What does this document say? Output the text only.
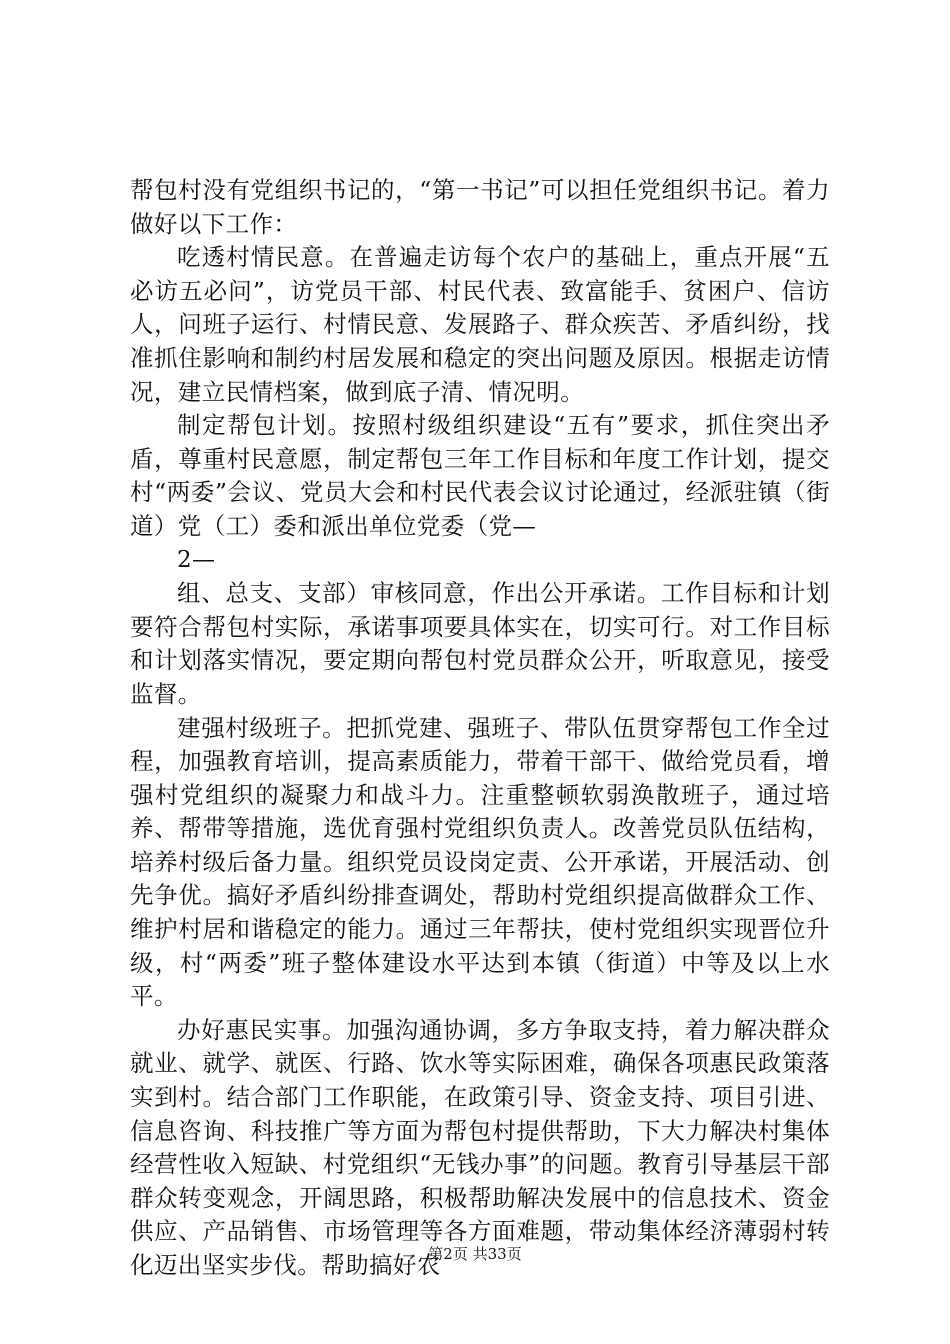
帮包村没有党组织书记的，“第一书记”可以担任党组织书记。着力做好以下工作：

吃透村情民意。在普遍走访每个农户的基础上，重点开展“五必访五必问”，访党员干部、村民代表、致富能手、贫困户、信访人，问班子运行、村情民意、发展路子、群众疾苦、矛盾纠纷，找准抓住影响和制约村居发展和稳定的突出问题及原因。根据走访情况，建立民情档案，做到底子清、情况明。

制定帮包计划。按照村级组织建设“五有”要求，抓住突出矛盾，尊重村民意愿，制定帮包三年工作目标和年度工作计划，提交村“两委”会议、党员大会和村民代表会议讨论通过，经派驻镇（街道）党（工）委和派出单位党委（党—

2—

组、总支、支部）审核同意，作出公开承诺。工作目标和计划要符合帮包村实际，承诺事项要具体实在，切实可行。对工作目标和计划落实情况，要定期向帮包村党员群众公开，听取意见，接受监督。

建强村级班子。把抓党建、强班子、带队伍贯穿帮包工作全过程，加强教育培训，提高素质能力，带着干部干、做给党员看，增强村党组织的凝聚力和战斗力。注重整顿软弱涣散班子，通过培养、帮带等措施，选优育强村党组织负责人。改善党员队伍结构，培养村级后备力量。组织党员设岗定责、公开承诺，开展活动、创先争优。搞好矛盾纠纷排查调处，帮助村党组织提高做群众工作、维护村居和谐稳定的能力。通过三年帮扶，使村党组织实现晋位升级，村“两委”班子整体建设水平达到本镇（街道）中等及以上水平。

办好惠民实事。加强沟通协调，多方争取支持，着力解决群众就业、就学、就医、行路、饮水等实际困难，确保各项惠民政策落实到村。结合部门工作职能，在政策引导、资金支持、项目引进、信息咨询、科技推广等方面为帮包村提供帮助，下大力解决村集体经营性收入短缺、村党组织“无钱办事”的问题。教育引导基层干部群众转变观念，开阔思路，积极帮助解决发展中的信息技术、资金供应、产品销售、市场管理等各方面难题，带动集体经济薄弱村转化迈出坚实步伐。帮助搞好农

第2页 共33页
